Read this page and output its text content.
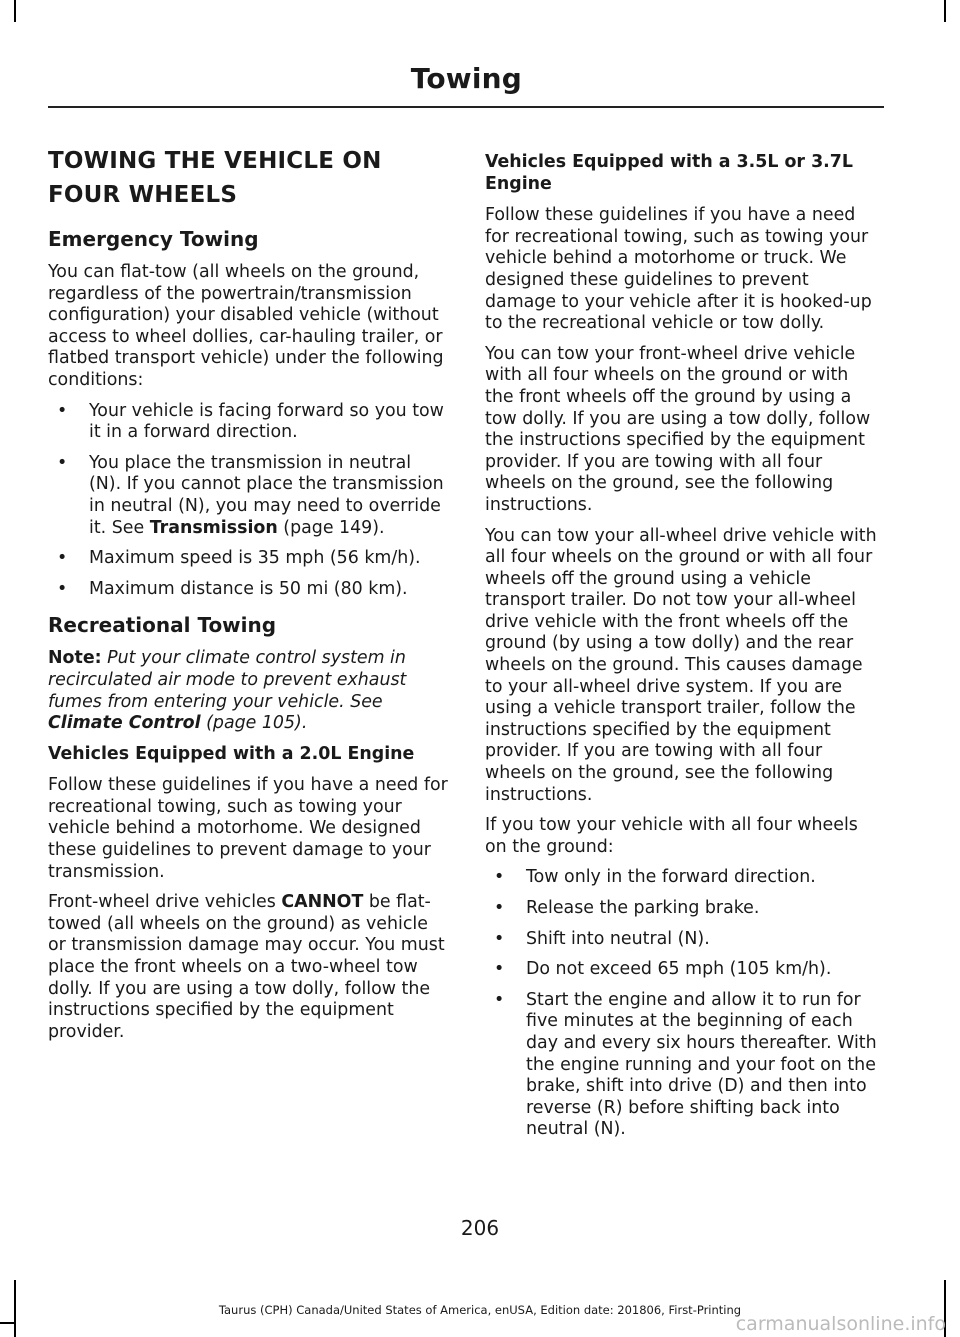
Towing
TOWING THE VEHICLE ON
FOUR WHEELS
Emergency Towing

You can flat-tow (all wheels on the ground, regardless of the powertrain/transmission configuration) your disabled vehicle (without access to wheel dollies, car-hauling trailer, or flatbed transport vehicle) under the following conditions:

• Your vehicle is facing forward so you tow it in a forward direction.
• You place the transmission in neutral (N). If you cannot place the transmission in neutral (N), you may need to override it. See Transmission (page 149).
• Maximum speed is 35 mph (56 km/h).
• Maximum distance is 50 mi (80 km).
Recreational Towing

Note: Put your climate control system in recirculated air mode to prevent exhaust fumes from entering your vehicle. See Climate Control (page 105).

Vehicles Equipped with a 2.0L Engine

Follow these guidelines if you have a need for recreational towing, such as towing your vehicle behind a motorhome. We designed these guidelines to prevent damage to your transmission.

Front-wheel drive vehicles CANNOT be flat-towed (all wheels on the ground) as vehicle or transmission damage may occur. You must place the front wheels on a two-wheel tow dolly. If you are using a tow dolly, follow the instructions specified by the equipment provider.

Vehicles Equipped with a 3.5L or 3.7L Engine

Follow these guidelines if you have a need for recreational towing, such as towing your vehicle behind a motorhome or truck. We designed these guidelines to prevent damage to your vehicle after it is hooked-up to the recreational vehicle or tow dolly.

You can tow your front-wheel drive vehicle with all four wheels on the ground or with the front wheels off the ground by using a tow dolly. If you are using a tow dolly, follow the instructions specified by the equipment provider. If you are towing with all four wheels on the ground, see the following instructions.

You can tow your all-wheel drive vehicle with all four wheels on the ground or with all four wheels off the ground using a vehicle transport trailer. Do not tow your all-wheel drive vehicle with the front wheels off the ground (by using a tow dolly) and the rear wheels on the ground. This causes damage to your all-wheel drive system. If you are using a vehicle transport trailer, follow the instructions specified by the equipment provider. If you are towing with all four wheels on the ground, see the following instructions.

If you tow your vehicle with all four wheels on the ground:

• Tow only in the forward direction.
• Release the parking brake.
• Shift into neutral (N).
• Do not exceed 65 mph (105 km/h).
• Start the engine and allow it to run for five minutes at the beginning of each day and every six hours thereafter. With the engine running and your foot on the brake, shift into drive (D) and then into reverse (R) before shifting back into neutral (N).
206
Taurus (CPH) Canada/United States of America, enUSA, Edition date: 201806, First-Printing
carmanualsonline.info
